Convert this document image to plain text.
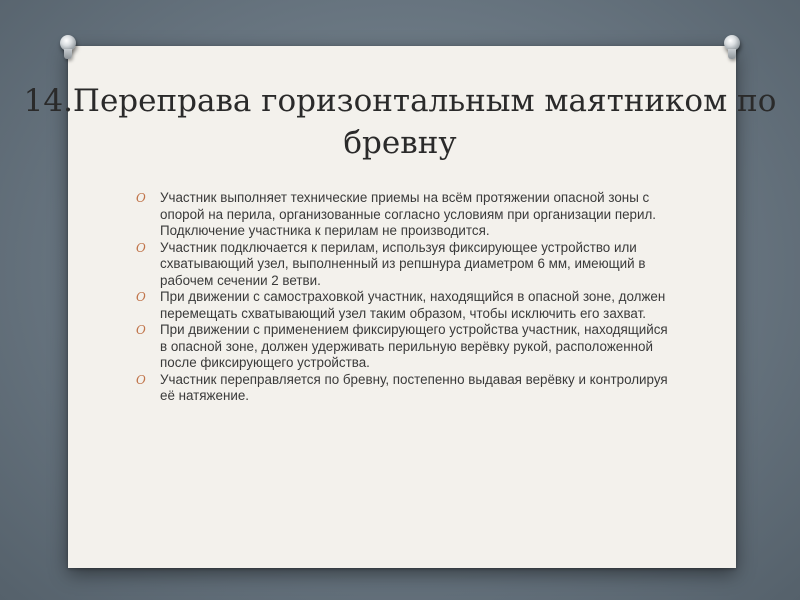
14.Переправа горизонтальным маятником по бревну
O Участник выполняет технические приемы на всём протяжении опасной зоны с опорой на перила, организованные согласно условиям при организации перил. Подключение участника к перилам не производится.
O Участник подключается к перилам, используя фиксирующее устройство или схватывающий узел, выполненный из репшнура диаметром 6 мм, имеющий в рабочем сечении 2 ветви.
O При движении с самостраховкой участник, находящийся в опасной зоне, должен перемещать схватывающий узел таким образом, чтобы исключить его захват.
O При движении с применением фиксирующего устройства участник, находящийся в опасной зоне, должен удерживать перильную верёвку рукой, расположенной после фиксирующего устройства.
O Участник переправляется по бревну, постепенно выдавая верёвку и контролируя её натяжение.
